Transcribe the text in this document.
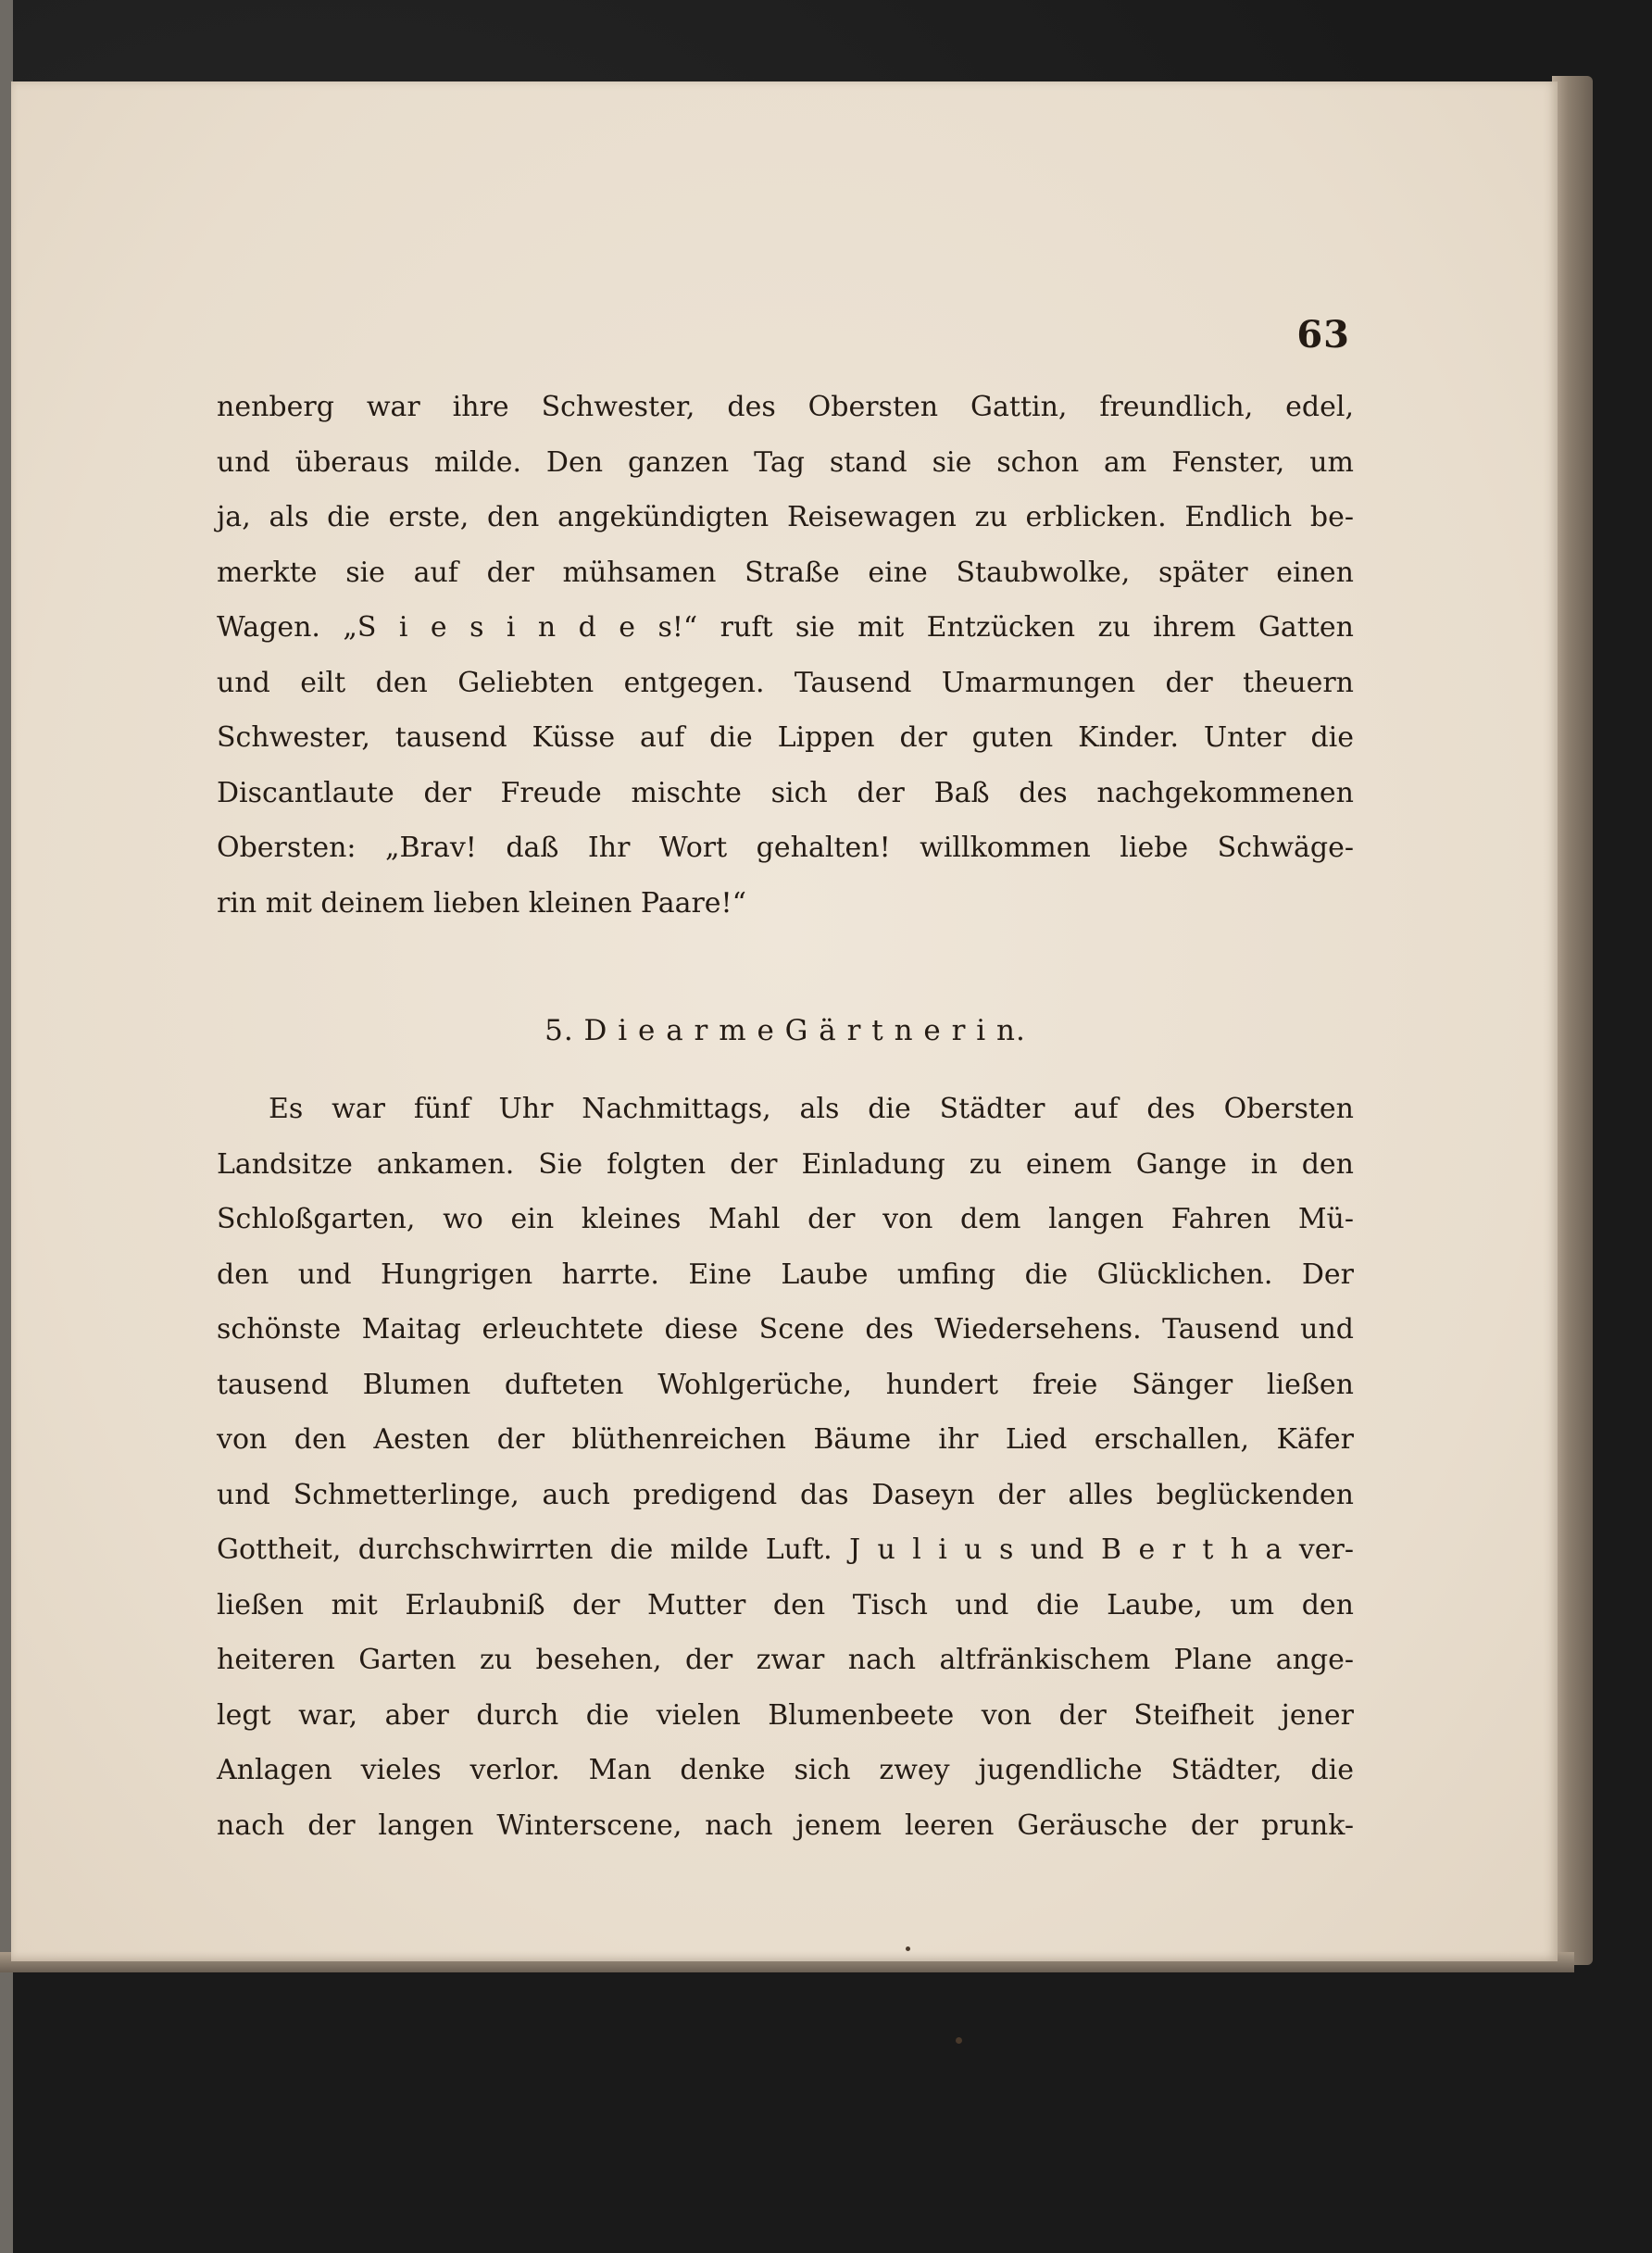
63
nenberg war ihre Schwester, des Obersten Gattin, freundlich, edel,
und überaus milde. Den ganzen Tag stand sie schon am Fenster, um
ja, als die erste, den angekündigten Reisewagen zu erblicken. Endlich be-
merkte sie auf der mühsamen Straße eine Staubwolke, später einen
Wagen. „S i e s i n d e s!“ ruft sie mit Entzücken zu ihrem Gatten
und eilt den Geliebten entgegen. Tausend Umarmungen der theuern
Schwester, tausend Küsse auf die Lippen der guten Kinder. Unter die
Discantlaute der Freude mischte sich der Baß des nachgekommenen
Obersten: „Brav! daß Ihr Wort gehalten! willkommen liebe Schwäge-
rin mit deinem lieben kleinen Paare!“
5. D i e a r m e G ä r t n e r i n.
Es war fünf Uhr Nachmittags, als die Städter auf des Obersten
Landsitze ankamen. Sie folgten der Einladung zu einem Gange in den
Schloßgarten, wo ein kleines Mahl der von dem langen Fahren Mü-
den und Hungrigen harrte. Eine Laube umfing die Glücklichen. Der
schönste Maitag erleuchtete diese Scene des Wiedersehens. Tausend und
tausend Blumen dufteten Wohlgerüche, hundert freie Sänger ließen
von den Aesten der blüthenreichen Bäume ihr Lied erschallen, Käfer
und Schmetterlinge, auch predigend das Daseyn der alles beglückenden
Gottheit, durchschwirrten die milde Luft. J u l i u s und B e r t h a ver-
ließen mit Erlaubniß der Mutter den Tisch und die Laube, um den
heiteren Garten zu besehen, der zwar nach altfränkischem Plane ange-
legt war, aber durch die vielen Blumenbeete von der Steifheit jener
Anlagen vieles verlor. Man denke sich zwey jugendliche Städter, die
nach der langen Winterscene, nach jenem leeren Geräusche der prunk-
